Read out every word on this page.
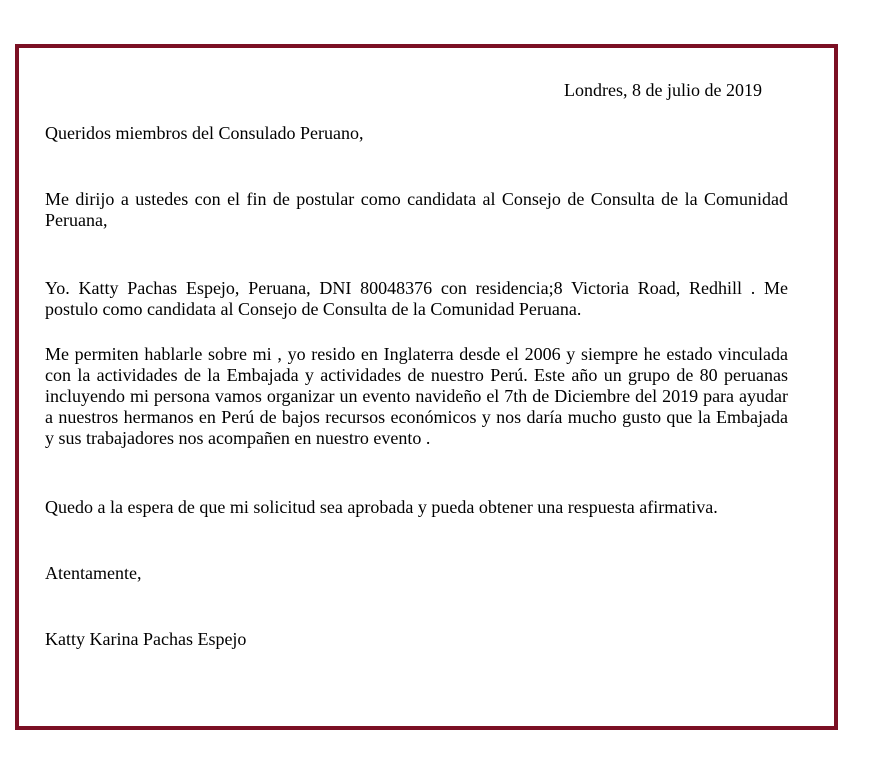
Londres, 8 de julio de 2019
Queridos miembros del Consulado Peruano,
Me dirijo a ustedes con el fin de postular como candidata al Consejo de Consulta de la Comunidad Peruana,
Yo. Katty Pachas Espejo, Peruana, DNI 80048376 con residencia;8 Victoria Road, Redhill . Me postulo como candidata al Consejo de Consulta de la Comunidad Peruana.
Me permiten hablarle sobre mi , yo resido en Inglaterra desde el 2006 y siempre he estado vinculada con la actividades de la Embajada y actividades de nuestro Perú. Este año un grupo de 80 peruanas incluyendo mi persona vamos organizar un evento navideño el 7th de Diciembre del 2019 para ayudar a nuestros hermanos en Perú de bajos recursos económicos y nos daría mucho gusto que la Embajada y sus trabajadores nos acompañen en nuestro evento .
Quedo a la espera de que mi solicitud sea aprobada y pueda obtener una respuesta afirmativa.
Atentamente,
Katty Karina Pachas Espejo
